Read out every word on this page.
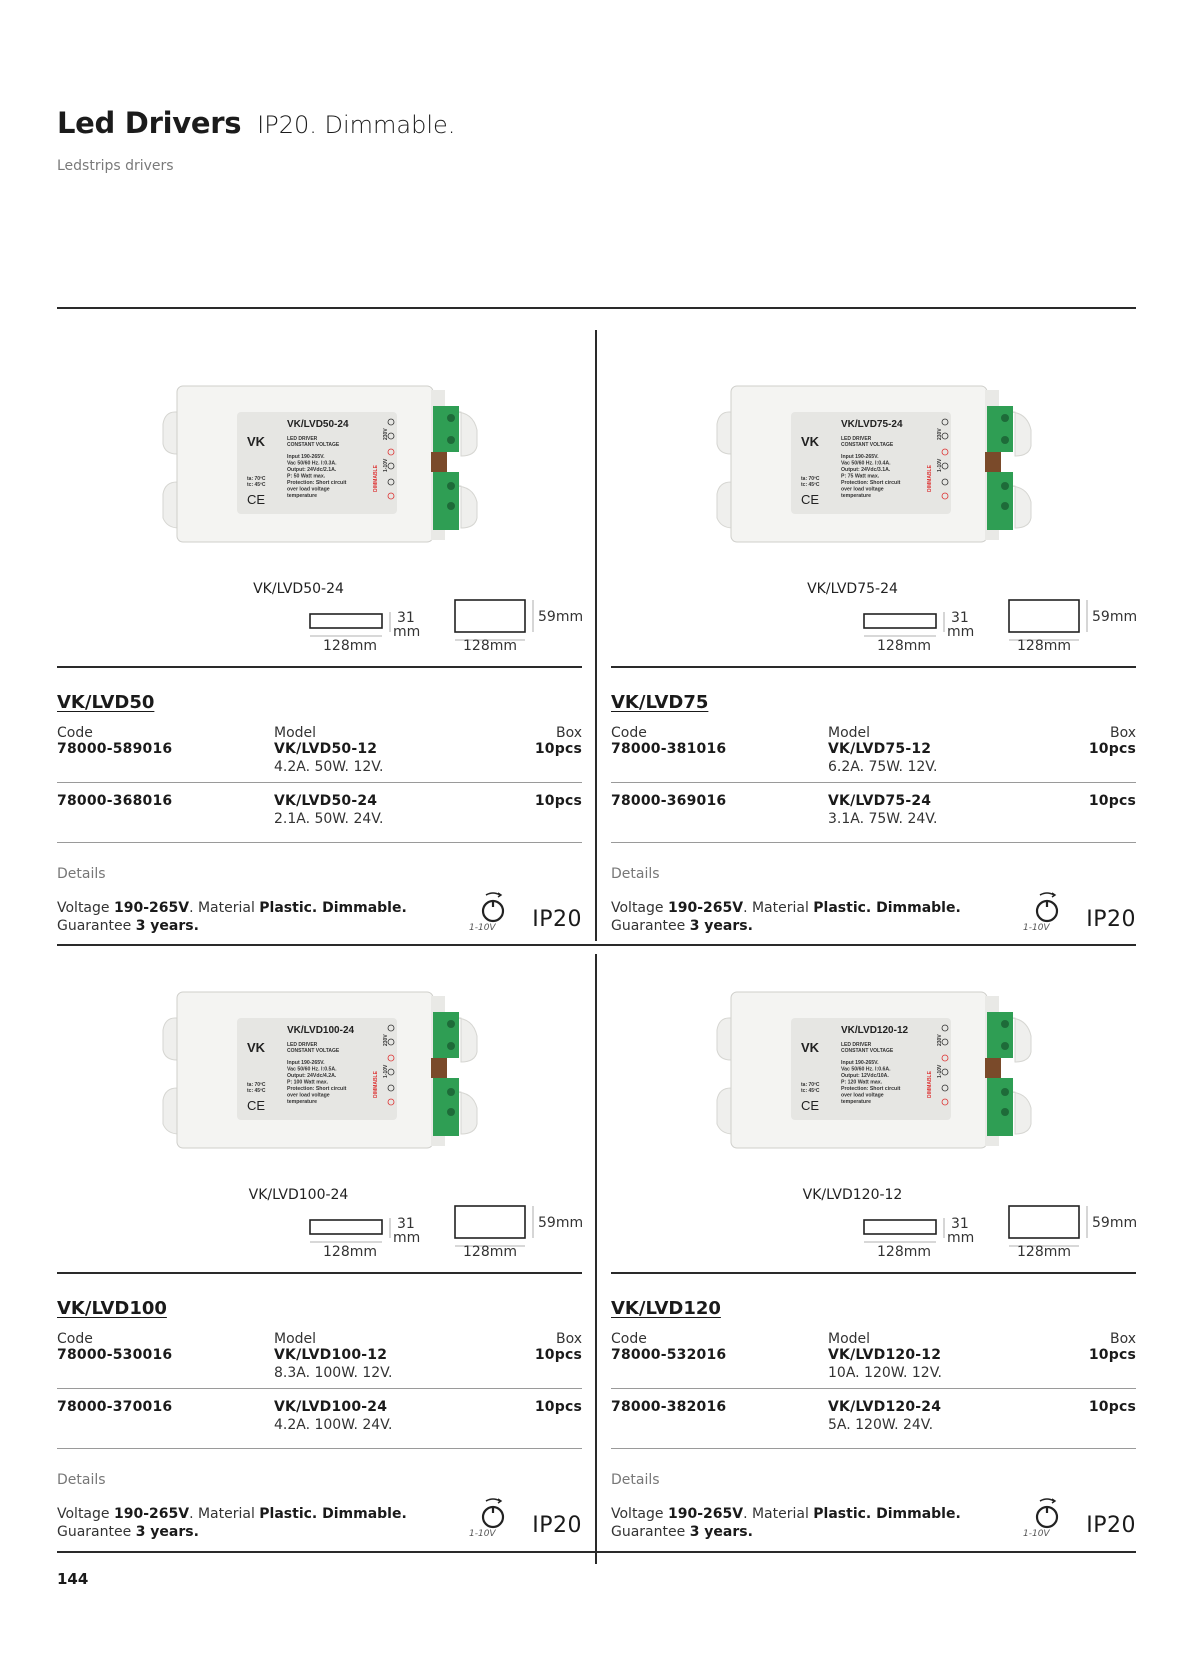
Led Drivers IP20. Dimmable.
Ledstrips drivers
VK
VK/LVD50-24
LED DRIVER
CONSTANT VOLTAGE
Input 190-265V.
Vac 50/60 Hz. I:0.3A.
Output: 24Vdc/2.1A.
P: 50 Watt max.
Protection: Short circuit
over load voltage
temperature
ta: 70ºC
tc: 45ºC
CE
DIMMABLE
230V
1-10V
VK/LVD50-24
128mm
31
mm
128mm
59mm
VK/LVD50
Code	Model	Box
78000-589016	VK/LVD50-12
4.2A. 50W. 12V.
10pcs
78000-368016	VK/LVD50-24
2.1A. 50W. 24V.
10pcs
Details
Voltage 190-265V. Material Plastic. Dimmable.
Guarantee 3 years.	1-10V IP20
VK
VK/LVD75-24
LED DRIVER
CONSTANT VOLTAGE
Input 190-265V.
Vac 50/60 Hz. I:0.4A.
Output: 24Vdc/3.1A.
P: 75 Watt max.
Protection: Short circuit
over load voltage
temperature
ta: 70ºC
tc: 45ºC
CE
DIMMABLE
230V
1-10V
VK/LVD75-24
128mm
31
mm
128mm
59mm
VK/LVD75
Code	Model	Box
78000-381016	VK/LVD75-12
6.2A. 75W. 12V.
10pcs
78000-369016	VK/LVD75-24
3.1A. 75W. 24V.
10pcs
Details
Voltage 190-265V. Material Plastic. Dimmable.
Guarantee 3 years.	1-10V IP20
VK
VK/LVD100-24
LED DRIVER
CONSTANT VOLTAGE
Input 190-265V.
Vac 50/60 Hz. I:0.5A.
Output: 24Vdc/4.2A.
P: 100 Watt max.
Protection: Short circuit
over load voltage
temperature
ta: 70ºC
tc: 45ºC
CE
DIMMABLE
230V
1-10V
VK/LVD100-24
128mm
31
mm
128mm
59mm
VK/LVD100
Code	Model	Box
78000-530016	VK/LVD100-12
8.3A. 100W. 12V.
10pcs
78000-370016	VK/LVD100-24
4.2A. 100W. 24V.
10pcs
Details
Voltage 190-265V. Material Plastic. Dimmable.
Guarantee 3 years.	1-10V IP20
VK
VK/LVD120-12
LED DRIVER
CONSTANT VOLTAGE
Input 190-265V.
Vac 50/60 Hz. I:0.6A.
Output: 12Vdc/10A.
P: 120 Watt max.
Protection: Short circuit
over load voltage
temperature
ta: 70ºC
tc: 45ºC
CE
DIMMABLE
230V
1-10V
VK/LVD120-12
128mm
31
mm
128mm
59mm
VK/LVD120
Code	Model	Box
78000-532016	VK/LVD120-12
10A. 120W. 12V.
10pcs
78000-382016	VK/LVD120-24
5A. 120W. 24V.
10pcs
Details
Voltage 190-265V. Material Plastic. Dimmable.
Guarantee 3 years.	1-10V IP20
144
